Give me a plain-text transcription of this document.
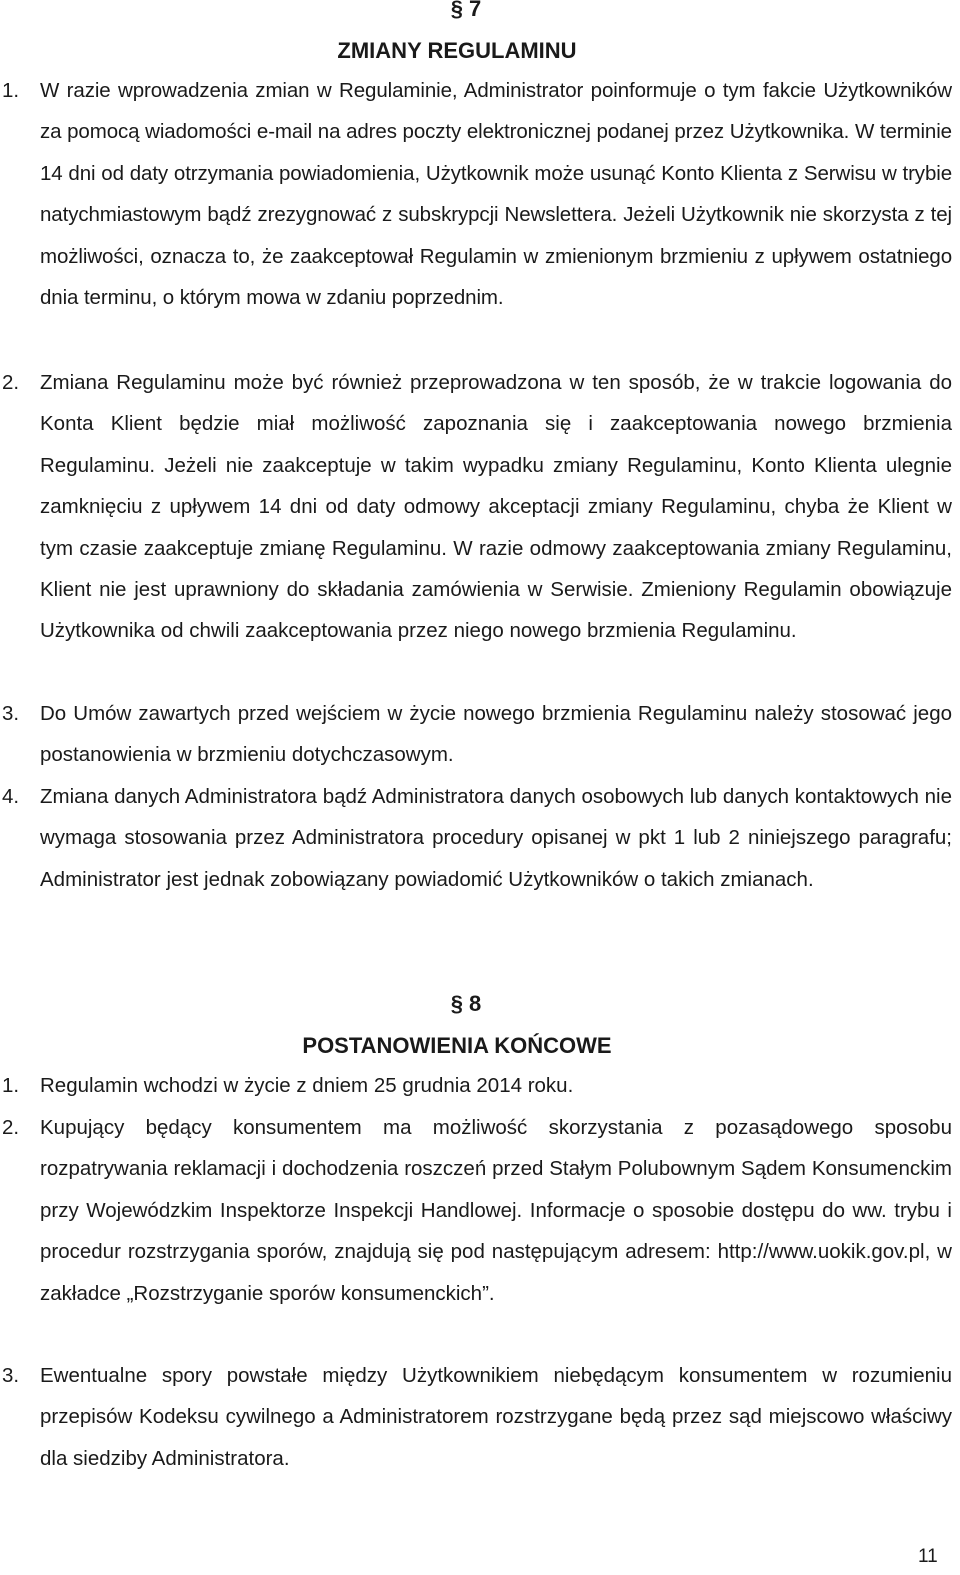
§ 7
ZMIANY REGULAMINU
1. W razie wprowadzenia zmian w Regulaminie, Administrator poinformuje o tym fakcie Użytkowników za pomocą wiadomości e-mail na adres poczty elektronicznej podanej przez Użytkownika. W terminie 14 dni od daty otrzymania powiadomienia, Użytkownik może usunąć Konto Klienta z Serwisu w trybie natychmiastowym bądź zrezygnować z subskrypcji Newslettera. Jeżeli Użytkownik nie skorzysta z tej możliwości, oznacza to, że zaakceptował Regulamin w zmienionym brzmieniu z upływem ostatniego dnia terminu, o którym mowa w zdaniu poprzednim.
2. Zmiana Regulaminu może być również przeprowadzona w ten sposób, że w trakcie logowania do Konta Klient będzie miał możliwość zapoznania się i zaakceptowania nowego brzmienia Regulaminu. Jeżeli nie zaakceptuje w takim wypadku zmiany Regulaminu, Konto Klienta ulegnie zamknięciu z upływem 14 dni od daty odmowy akceptacji zmiany Regulaminu, chyba że Klient w tym czasie zaakceptuje zmianę Regulaminu. W razie odmowy zaakceptowania zmiany Regulaminu, Klient nie jest uprawniony do składania zamówienia w Serwisie. Zmieniony Regulamin obowiązuje Użytkownika od chwili zaakceptowania przez niego nowego brzmienia Regulaminu.
3. Do Umów zawartych przed wejściem w życie nowego brzmienia Regulaminu należy stosować jego postanowienia w brzmieniu dotychczasowym.
4. Zmiana danych Administratora bądź Administratora danych osobowych lub danych kontaktowych nie wymaga stosowania przez Administratora procedury opisanej w pkt 1 lub 2 niniejszego paragrafu; Administrator jest jednak zobowiązany powiadomić Użytkowników o takich zmianach.
§ 8
POSTANOWIENIA KOŃCOWE
1. Regulamin wchodzi w życie z dniem 25 grudnia 2014 roku.
2. Kupujący będący konsumentem ma możliwość skorzystania z pozasądowego sposobu rozpatrywania reklamacji i dochodzenia roszczeń przed Stałym Polubownym Sądem Konsumenckim przy Wojewódzkim Inspektorze Inspekcji Handlowej. Informacje o sposobie dostępu do ww. trybu i procedur rozstrzygania sporów, znajdują się pod następującym adresem: http://www.uokik.gov.pl, w zakładce „Rozstrzyganie sporów konsumenckich”.
3. Ewentualne spory powstałe między Użytkownikiem niebędącym konsumentem w rozumieniu przepisów Kodeksu cywilnego a Administratorem rozstrzygane będą przez sąd miejscowo właściwy dla siedziby Administratora.
11
